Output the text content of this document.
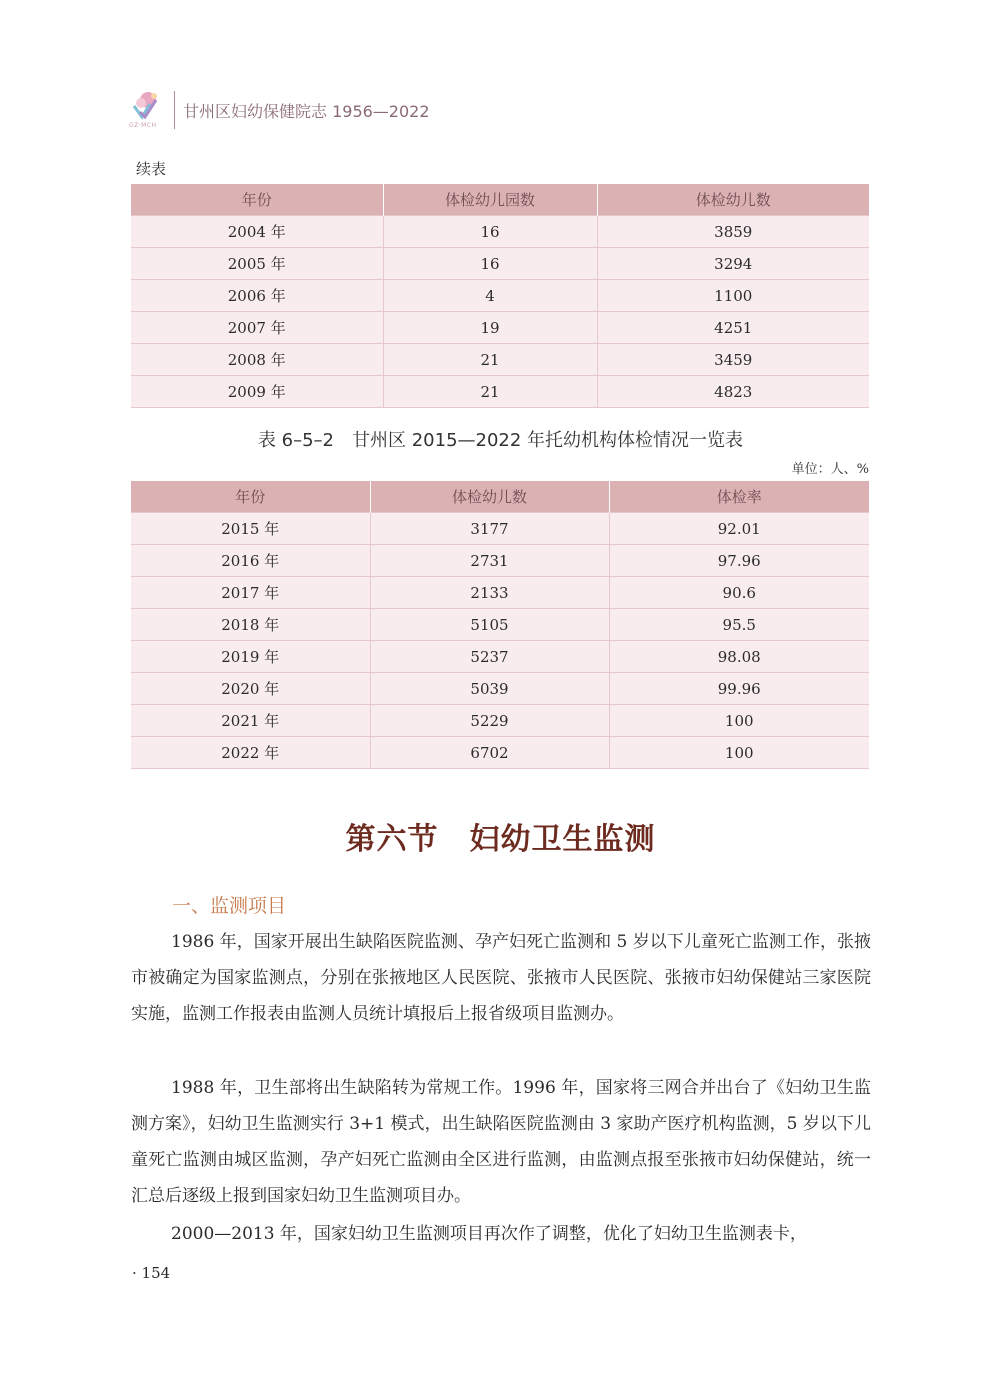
GZ·MCH
甘州区妇幼保健院志 1956—2022
续表
年份	体检幼儿园数	体检幼儿数
2004 年	16	3859
2005 年	16	3294
2006 年	4	1100
2007 年	19	4251
2008 年	21	3459
2009 年	21	4823
表 6–5–2　甘州区 2015—2022 年托幼机构体检情况一览表
单位：人、%
年份	体检幼儿数	体检率
2015 年	3177	92.01
2016 年	2731	97.96
2017 年	2133	90.6
2018 年	5105	95.5
2019 年	5237	98.08
2020 年	5039	99.96
2021 年	5229	100
2022 年	6702	100
第六节　妇幼卫生监测
一、监测项目

1986 年，国家开展出生缺陷医院监测、孕产妇死亡监测和 5 岁以下儿童死亡监测工作，张掖市被确定为国家监测点，分别在张掖地区人民医院、张掖市人民医院、张掖市妇幼保健站三家医院实施，监测工作报表由监测人员统计填报后上报省级项目监测办。

1988 年，卫生部将出生缺陷转为常规工作。1996 年，国家将三网合并出台了《妇幼卫生监测方案》，妇幼卫生监测实行 3+1 模式，出生缺陷医院监测由 3 家助产医疗机构监测，5 岁以下儿童死亡监测由城区监测，孕产妇死亡监测由全区进行监测，由监测点报至张掖市妇幼保健站，统一汇总后逐级上报到国家妇幼卫生监测项目办。

2000—2013 年，国家妇幼卫生监测项目再次作了调整，优化了妇幼卫生监测表卡，

· 154
